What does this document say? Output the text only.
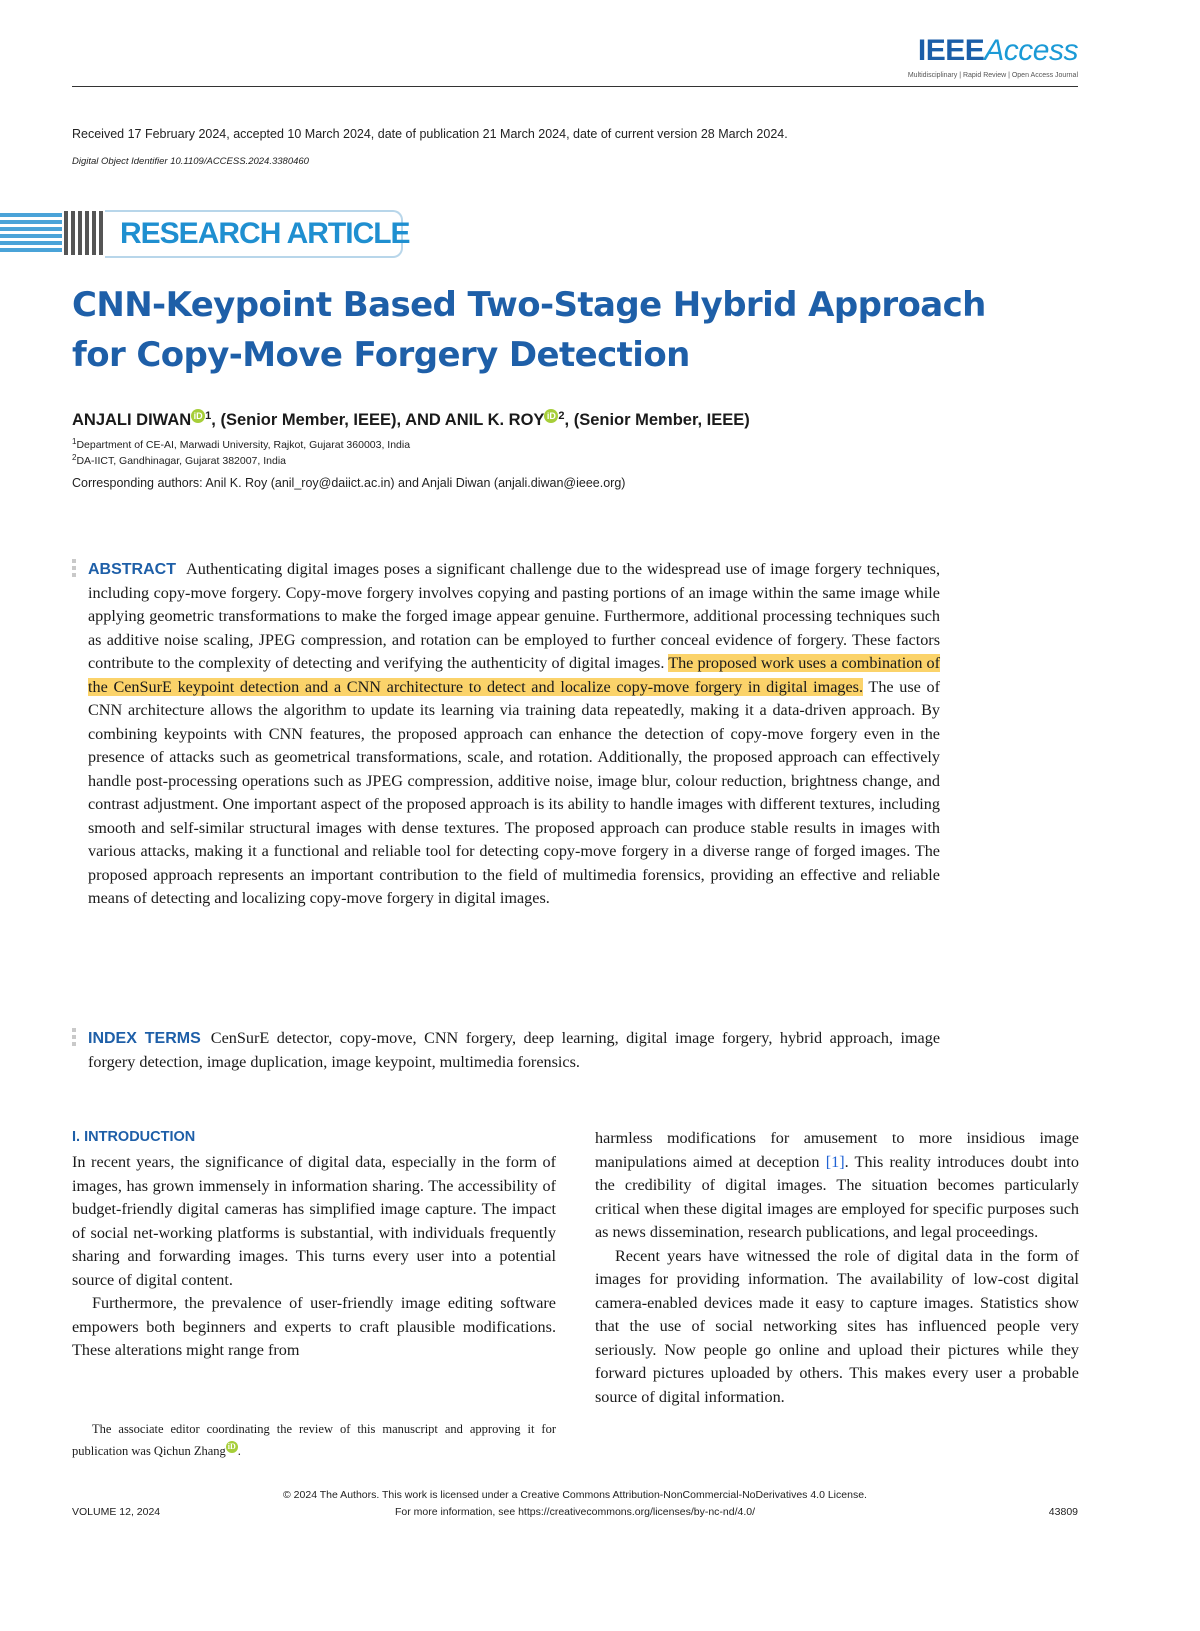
IEEEAccess
Multidisciplinary | Rapid Review | Open Access Journal
Received 17 February 2024, accepted 10 March 2024, date of publication 21 March 2024, date of current version 28 March 2024.
Digital Object Identifier 10.1109/ACCESS.2024.3380460
RESEARCH ARTICLE
CNN-Keypoint Based Two-Stage Hybrid Approach
for Copy-Move Forgery Detection
ANJALI DIWAN iD $^1$, (Senior Member, IEEE), AND ANIL K. ROY iD $^2$, (Senior Member, IEEE)
$^1$Department of CE-AI, Marwadi University, Rajkot, Gujarat 360003, India
$^2$DA-IICT, Gandhinagar, Gujarat 382007, India
Corresponding authors: Anil K. Roy (anil_roy@daiict.ac.in) and Anjali Diwan (anjali.diwan@ieee.org)
ABSTRACT Authenticating digital images poses a significant challenge due to the widespread use of image forgery techniques, including copy-move forgery. Copy-move forgery involves copying and pasting portions of an image within the same image while applying geometric transformations to make the forged image appear genuine. Furthermore, additional processing techniques such as additive noise scaling, JPEG compression, and rotation can be employed to further conceal evidence of forgery. These factors contribute to the complexity of detecting and verifying the authenticity of digital images. The proposed work uses a combination of the CenSurE keypoint detection and a CNN architecture to detect and localize copy-move forgery in digital images. The use of CNN architecture allows the algorithm to update its learning via training data repeatedly, making it a data-driven approach. By combining keypoints with CNN features, the proposed approach can enhance the detection of copy-move forgery even in the presence of attacks such as geometrical transformations, scale, and rotation. Additionally, the proposed approach can effectively handle post-processing operations such as JPEG compression, additive noise, image blur, colour reduction, brightness change, and contrast adjustment. One important aspect of the proposed approach is its ability to handle images with different textures, including smooth and self-similar structural images with dense textures. The proposed approach can produce stable results in images with various attacks, making it a functional and reliable tool for detecting copy-move forgery in a diverse range of forged images. The proposed approach represents an important contribution to the field of multimedia forensics, providing an effective and reliable means of detecting and localizing copy-move forgery in digital images.
INDEX TERMS CenSurE detector, copy-move, CNN forgery, deep learning, digital image forgery, hybrid approach, image forgery detection, image duplication, image keypoint, multimedia forensics.
I. INTRODUCTION

In recent years, the significance of digital data, especially in the form of images, has grown immensely in information sharing. The accessibility of budget-friendly digital cameras has simplified image capture. The impact of social net-working platforms is substantial, with individuals frequently sharing and forwarding images. This turns every user into a potential source of digital content.

Furthermore, the prevalence of user-friendly image editing software empowers both beginners and experts to craft plausible modifications. These alterations might range from

harmless modifications for amusement to more insidious image manipulations aimed at deception [1]. This reality introduces doubt into the credibility of digital images. The situation becomes particularly critical when these digital images are employed for specific purposes such as news dissemination, research publications, and legal proceedings.

Recent years have witnessed the role of digital data in the form of images for providing information. The availability of low-cost digital camera-enabled devices made it easy to capture images. Statistics show that the use of social networking sites has influenced people very seriously. Now people go online and upload their pictures while they forward pictures uploaded by others. This makes every user a probable source of digital information.

The associate editor coordinating the review of this manuscript and approving it for publication was Qichun Zhang iD .
© 2024 The Authors. This work is licensed under a Creative Commons Attribution-NonCommercial-NoDerivatives 4.0 License.
For more information, see https://creativecommons.org/licenses/by-nc-nd/4.0/
VOLUME 12, 2024	43809
